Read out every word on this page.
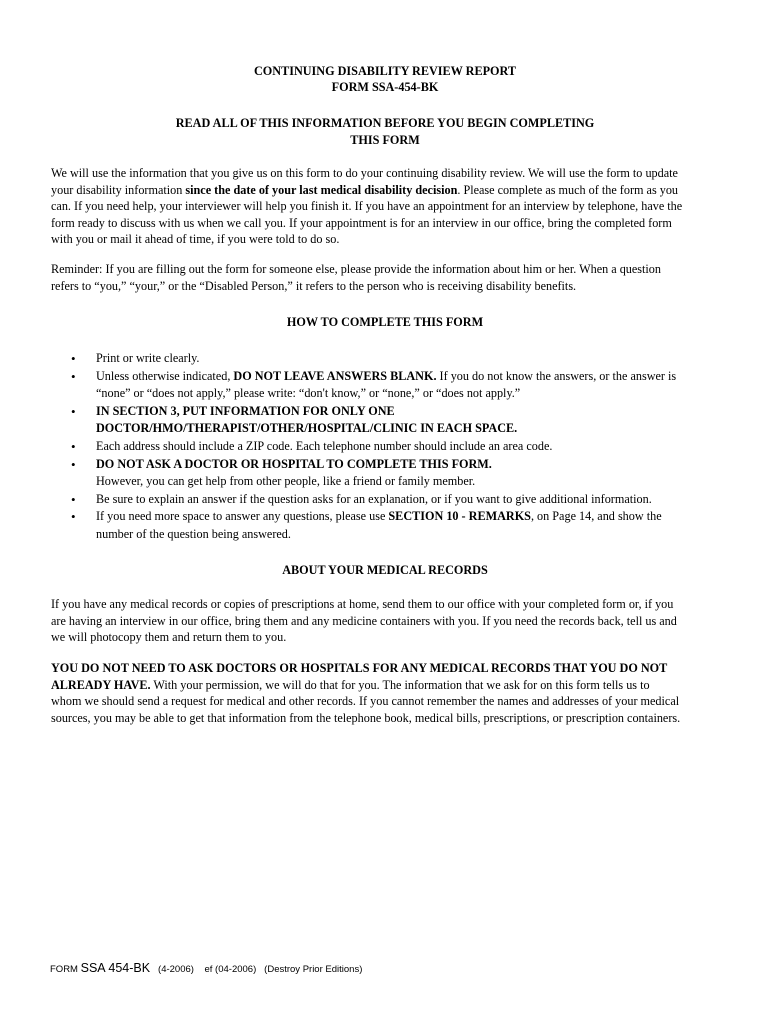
CONTINUING DISABILITY REVIEW REPORT
FORM SSA-454-BK
READ ALL OF THIS INFORMATION BEFORE YOU BEGIN COMPLETING
THIS FORM
We will use the information that you give us on this form to do your continuing disability review. We will use the form to update your disability information since the date of your last medical disability decision. Please complete as much of the form as you can. If you need help, your interviewer will help you finish it. If you have an appointment for an interview by telephone, have the form ready to discuss with us when we call you. If your appointment is for an interview in our office, bring the completed form with you or mail it ahead of time, if you were told to do so.
Reminder: If you are filling out the form for someone else, please provide the information about him or her. When a question refers to “you,” “your,” or the “Disabled Person,” it refers to the person who is receiving disability benefits.
HOW TO COMPLETE THIS FORM
• Print or write clearly.
• Unless otherwise indicated, DO NOT LEAVE ANSWERS BLANK. If you do not know the answers, or the answer is “none” or “does not apply,” please write: “don't know,” or “none,” or “does not apply.”
• IN SECTION 3, PUT INFORMATION FOR ONLY ONE DOCTOR/HMO/THERAPIST/OTHER/HOSPITAL/CLINIC IN EACH SPACE.
• Each address should include a ZIP code. Each telephone number should include an area code.
• DO NOT ASK A DOCTOR OR HOSPITAL TO COMPLETE THIS FORM.
However, you can get help from other people, like a friend or family member.
• Be sure to explain an answer if the question asks for an explanation, or if you want to give additional information.
• If you need more space to answer any questions, please use SECTION 10 - REMARKS, on Page 14, and show the number of the question being answered.
ABOUT YOUR MEDICAL RECORDS
If you have any medical records or copies of prescriptions at home, send them to our office with your completed form or, if you are having an interview in our office, bring them and any medicine containers with you. If you need the records back, tell us and we will photocopy them and return them to you.
YOU DO NOT NEED TO ASK DOCTORS OR HOSPITALS FOR ANY MEDICAL RECORDS THAT YOU DO NOT ALREADY HAVE. With your permission, we will do that for you. The information that we ask for on this form tells us to whom we should send a request for medical and other records. If you cannot remember the names and addresses of your medical sources, you may be able to get that information from the telephone book, medical bills, prescriptions, or prescription containers.
FORM SSA 454-BK   (4-2006)    ef (04-2006)   (Destroy Prior Editions)
